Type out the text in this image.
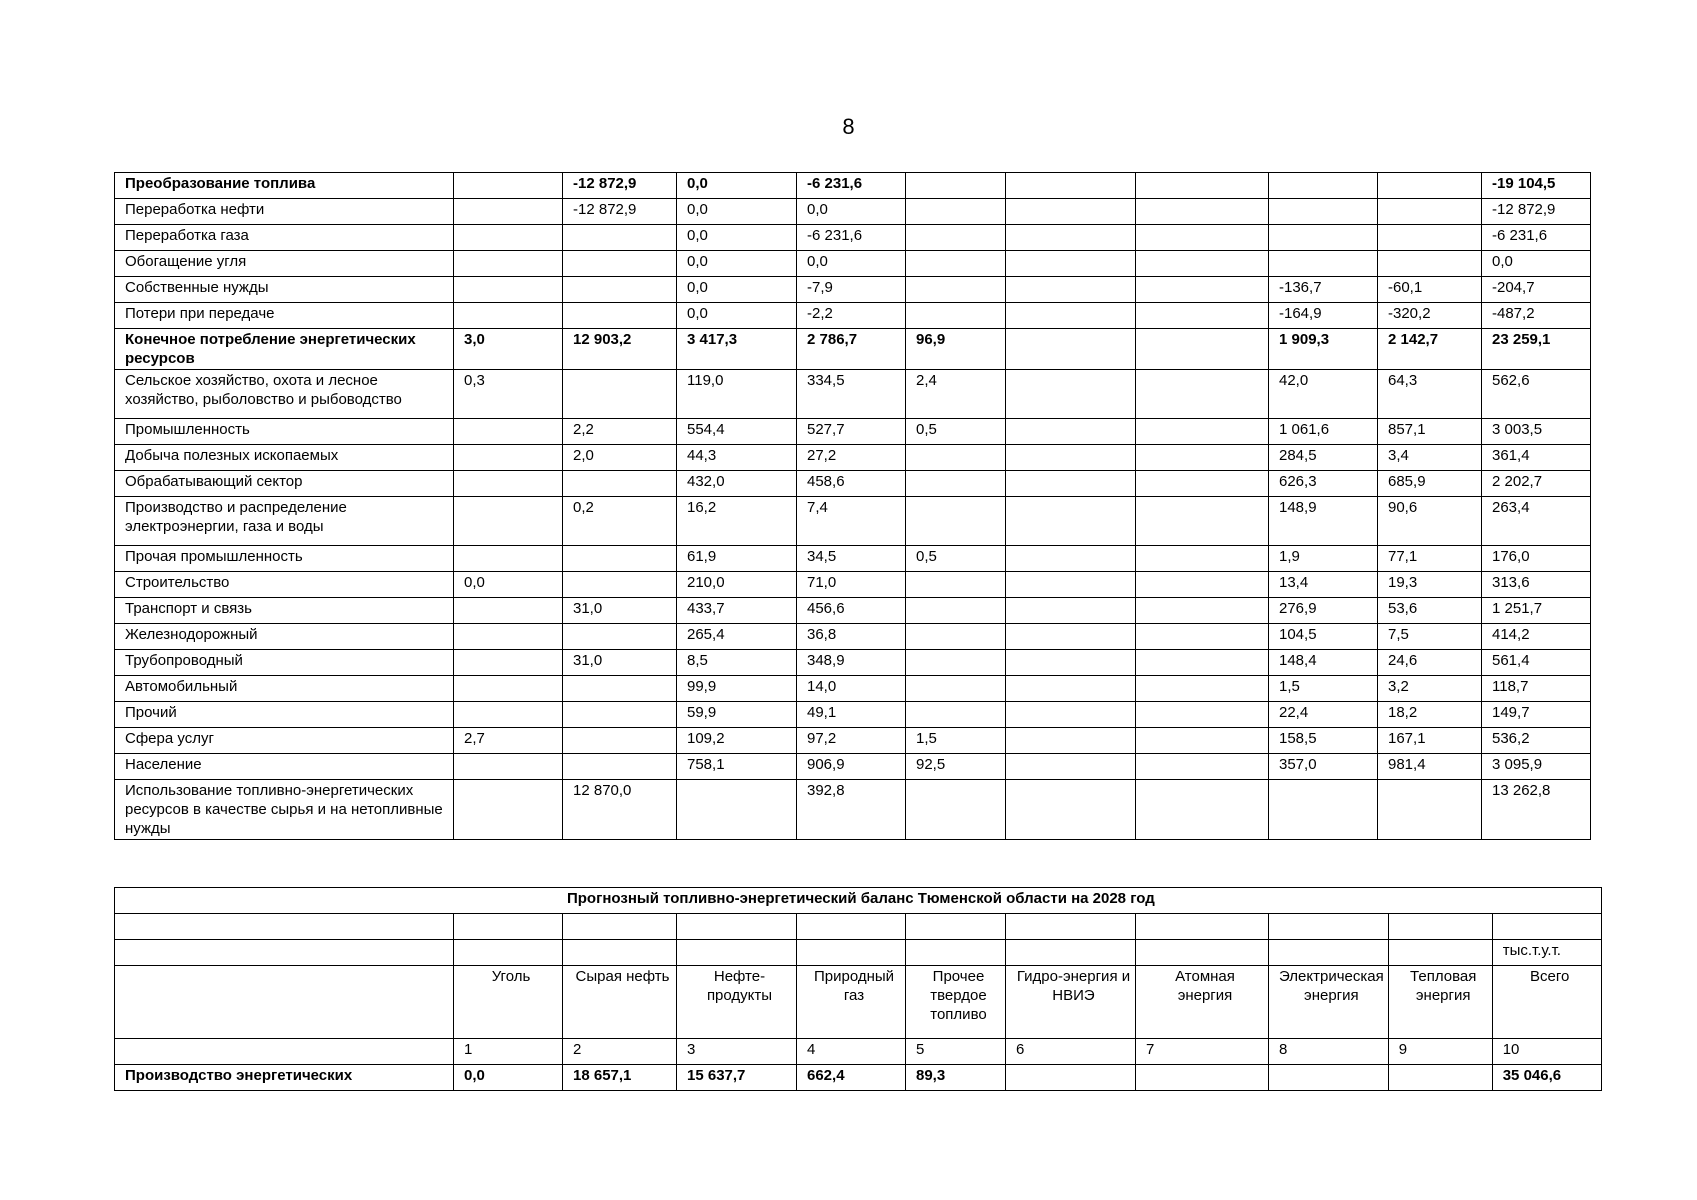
8
Преобразование топлива		-12 872,9	0,0	-6 231,6						-19 104,5
Переработка нефти		-12 872,9	0,0	0,0						-12 872,9
Переработка газа			0,0	-6 231,6						-6 231,6
Обогащение угля			0,0	0,0						0,0
Собственные нужды			0,0	-7,9				-136,7	-60,1	-204,7
Потери при передаче			0,0	-2,2				-164,9	-320,2	-487,2
Конечное потребление энергетических ресурсов	3,0	12 903,2	3 417,3	2 786,7	96,9			1 909,3	2 142,7	23 259,1
Сельское хозяйство, охота и лесное хозяйство, рыболовство и рыбоводство	0,3		119,0	334,5	2,4			42,0	64,3	562,6
Промышленность		2,2	554,4	527,7	0,5			1 061,6	857,1	3 003,5
Добыча полезных ископаемых		2,0	44,3	27,2				284,5	3,4	361,4
Обрабатывающий сектор			432,0	458,6				626,3	685,9	2 202,7
Производство и распределение электроэнергии, газа и воды		0,2	16,2	7,4				148,9	90,6	263,4
Прочая промышленность			61,9	34,5	0,5			1,9	77,1	176,0
Строительство	0,0		210,0	71,0				13,4	19,3	313,6
Транспорт и связь		31,0	433,7	456,6				276,9	53,6	1 251,7
Железнодорожный			265,4	36,8				104,5	7,5	414,2
Трубопроводный		31,0	8,5	348,9				148,4	24,6	561,4
Автомобильный			99,9	14,0				1,5	3,2	118,7
Прочий			59,9	49,1				22,4	18,2	149,7
Сфера услуг	2,7		109,2	97,2	1,5			158,5	167,1	536,2
Население			758,1	906,9	92,5			357,0	981,4	3 095,9
Использование топливно-энергетических ресурсов в качестве сырья и на нетопливные нужды		12 870,0		392,8						13 262,8
Прогнозный топливно-энергетический баланс Тюменской области на 2028 год										

										тыс.т.у.т.
	Уголь	Сырая нефть	Нефте-продукты	Природный газ	Прочее твердое топливо	Гидро-энергия и НВИЭ	Атомная энергия	Электрическая энергия	Тепловая энергия	Всего
	1	2	3	4	5	6	7	8	9	10
Производство энергетических	0,0	18 657,1	15 637,7	662,4	89,3					35 046,6
